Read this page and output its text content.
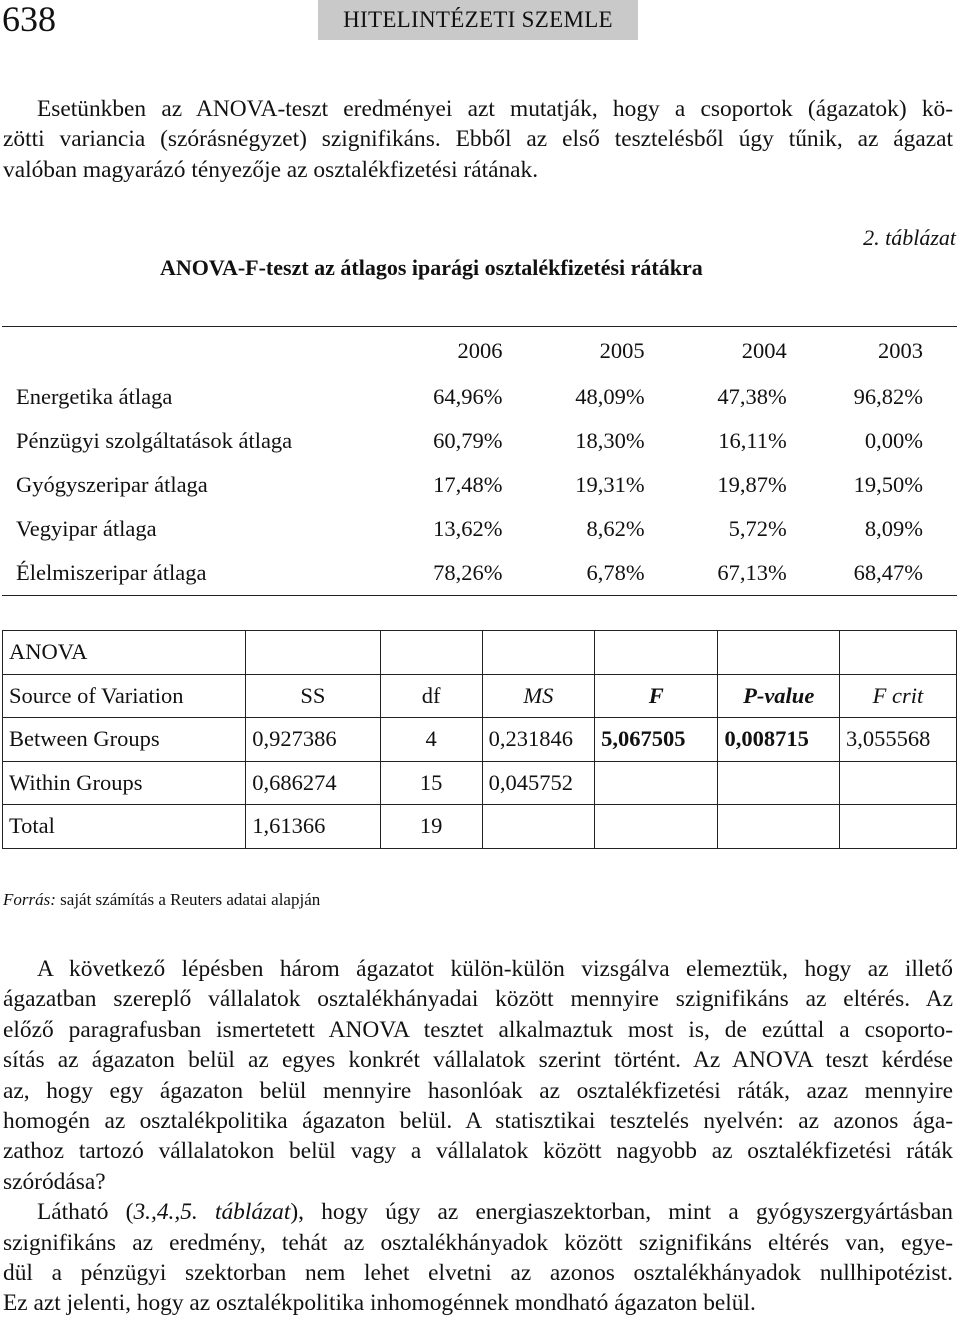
638	HITELINTÉZETI SZEMLE
Esetünkben az ANOVA-teszt eredményei azt mutatják, hogy a csoportok (ágazatok) kö-
zötti variancia (szórásnégyzet) szignifikáns. Ebből az első tesztelésből úgy tűnik, az ágazat
valóban magyarázó tényezője az osztalékfizetési rátának.
2. táblázat
ANOVA-F-teszt az átlagos iparági osztalékfizetési rátákra
	2006	2005	2004	2003
Energetika átlaga	64,96%	48,09%	47,38%	96,82%
Pénzügyi szolgáltatások átlaga	60,79%	18,30%	16,11%	0,00%
Gyógyszeripar átlaga	17,48%	19,31%	19,87%	19,50%
Vegyipar átlaga	13,62%	8,62%	5,72%	8,09%
Élelmiszeripar átlaga	78,26%	6,78%	67,13%	68,47%
ANOVA						
Source of Variation	SS	df	MS	F	P-value	F crit
Between Groups	0,927386	4	0,231846	5,067505	0,008715	3,055568
Within Groups	0,686274	15	0,045752			
Total	1,61366	19				
Forrás: saját számítás a Reuters adatai alapján
A következő lépésben három ágazatot külön-külön vizsgálva elemeztük, hogy az illető
ágazatban szereplő vállalatok osztalékhányadai között mennyire szignifikáns az eltérés. Az
előző paragrafusban ismertetett ANOVA tesztet alkalmaztuk most is, de ezúttal a csoporto-
sítás az ágazaton belül az egyes konkrét vállalatok szerint történt. Az ANOVA teszt kérdése
az, hogy egy ágazaton belül mennyire hasonlóak az osztalékfizetési ráták, azaz mennyire
homogén az osztalékpolitika ágazaton belül. A statisztikai tesztelés nyelvén: az azonos ága-
zathoz tartozó vállalatokon belül vagy a vállalatok között nagyobb az osztalékfizetési ráták
szóródása?
Látható (3.,4.,5. táblázat), hogy úgy az energiaszektorban, mint a gyógyszergyártásban
szignifikáns az eredmény, tehát az osztalékhányadok között szignifikáns eltérés van, egye-
dül a pénzügyi szektorban nem lehet elvetni az azonos osztalékhányadok nullhipotézist.
Ez azt jelenti, hogy az osztalékpolitika inhomogénnek mondható ágazaton belül.
